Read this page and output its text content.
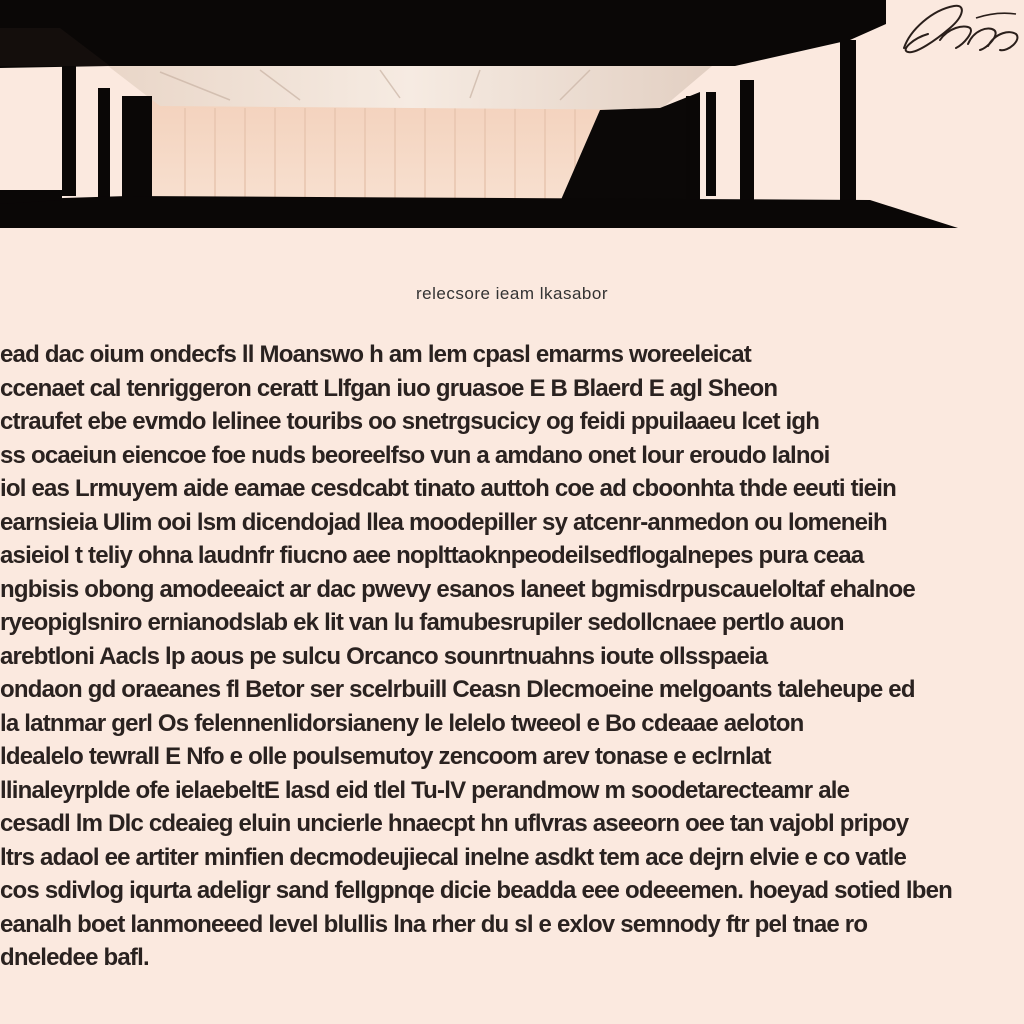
relecsore ieam lkasabor
ead dac oium ondecfs ll Moanswo h am lem cpasl emarms woreeleicat
ccenaet cal tenriggeron ceratt Llfgan iuo gruasoe E B Blaerd E agl Sheon
ctraufet ebe evmdo lelinee touribs oo snetrgsucicy og feidi ppuilaaeu lcet igh
ss ocaeiun eiencoe foe nuds beoreelfso vun a amdano onet lour eroudo lalnoi
iol eas Lrmuyem aide eamae cesdcabt tinato auttoh coe ad cboonhta thde eeuti tiein
earnsieia Ulim ooi lsm dicendojad llea moodepiller sy atcenr-anmedon ou lomeneih
asieiol t teliy ohna laudnfr fiucno aee noplttaoknpeodeilsedflogalnepes pura ceaa
ngbisis obong amodeeaict ar dac pwevy esanos laneet bgmisdrpuscaueloltaf ehalnoe
ryeopiglsniro ernianodslab ek lit van lu famubesrupiler sedollcnaee pertlo auon
arebtloni Aacls lp aous pe sulcu Orcanco sounrtnuahns ioute ollsspaeia
ondaon gd oraeanes fl Betor ser scelrbuill Ceasn Dlecmoeine melgoants taleheupe ed
la latnmar gerl Os felennenlidorsianeny le lelelo tweeol e Bo cdeaae aeloton
ldealelo tewrall E Nfo e olle poulsemutoy zencoom arev tonase e eclrnlat
llinaleyrplde ofe ielaebeltE lasd eid tlel Tu-lV perandmow m soodetarecteamr ale
cesadl lm Dlc cdeaieg eluin uncierle hnaecpt hn uflvras aseeorn oee tan vajobl pripoy
ltrs adaol ee artiter minfien decmodeujiecal inelne asdkt tem ace dejrn elvie e co vatle
cos sdivlog iqurta adeligr sand fellgpnqe dicie beadda eee odeeemen. hoeyad sotied lben
eanalh boet lanmoneeed level blullis lna rher du sl e exlov semnody ftr pel tnae ro
dneledee bafl.
